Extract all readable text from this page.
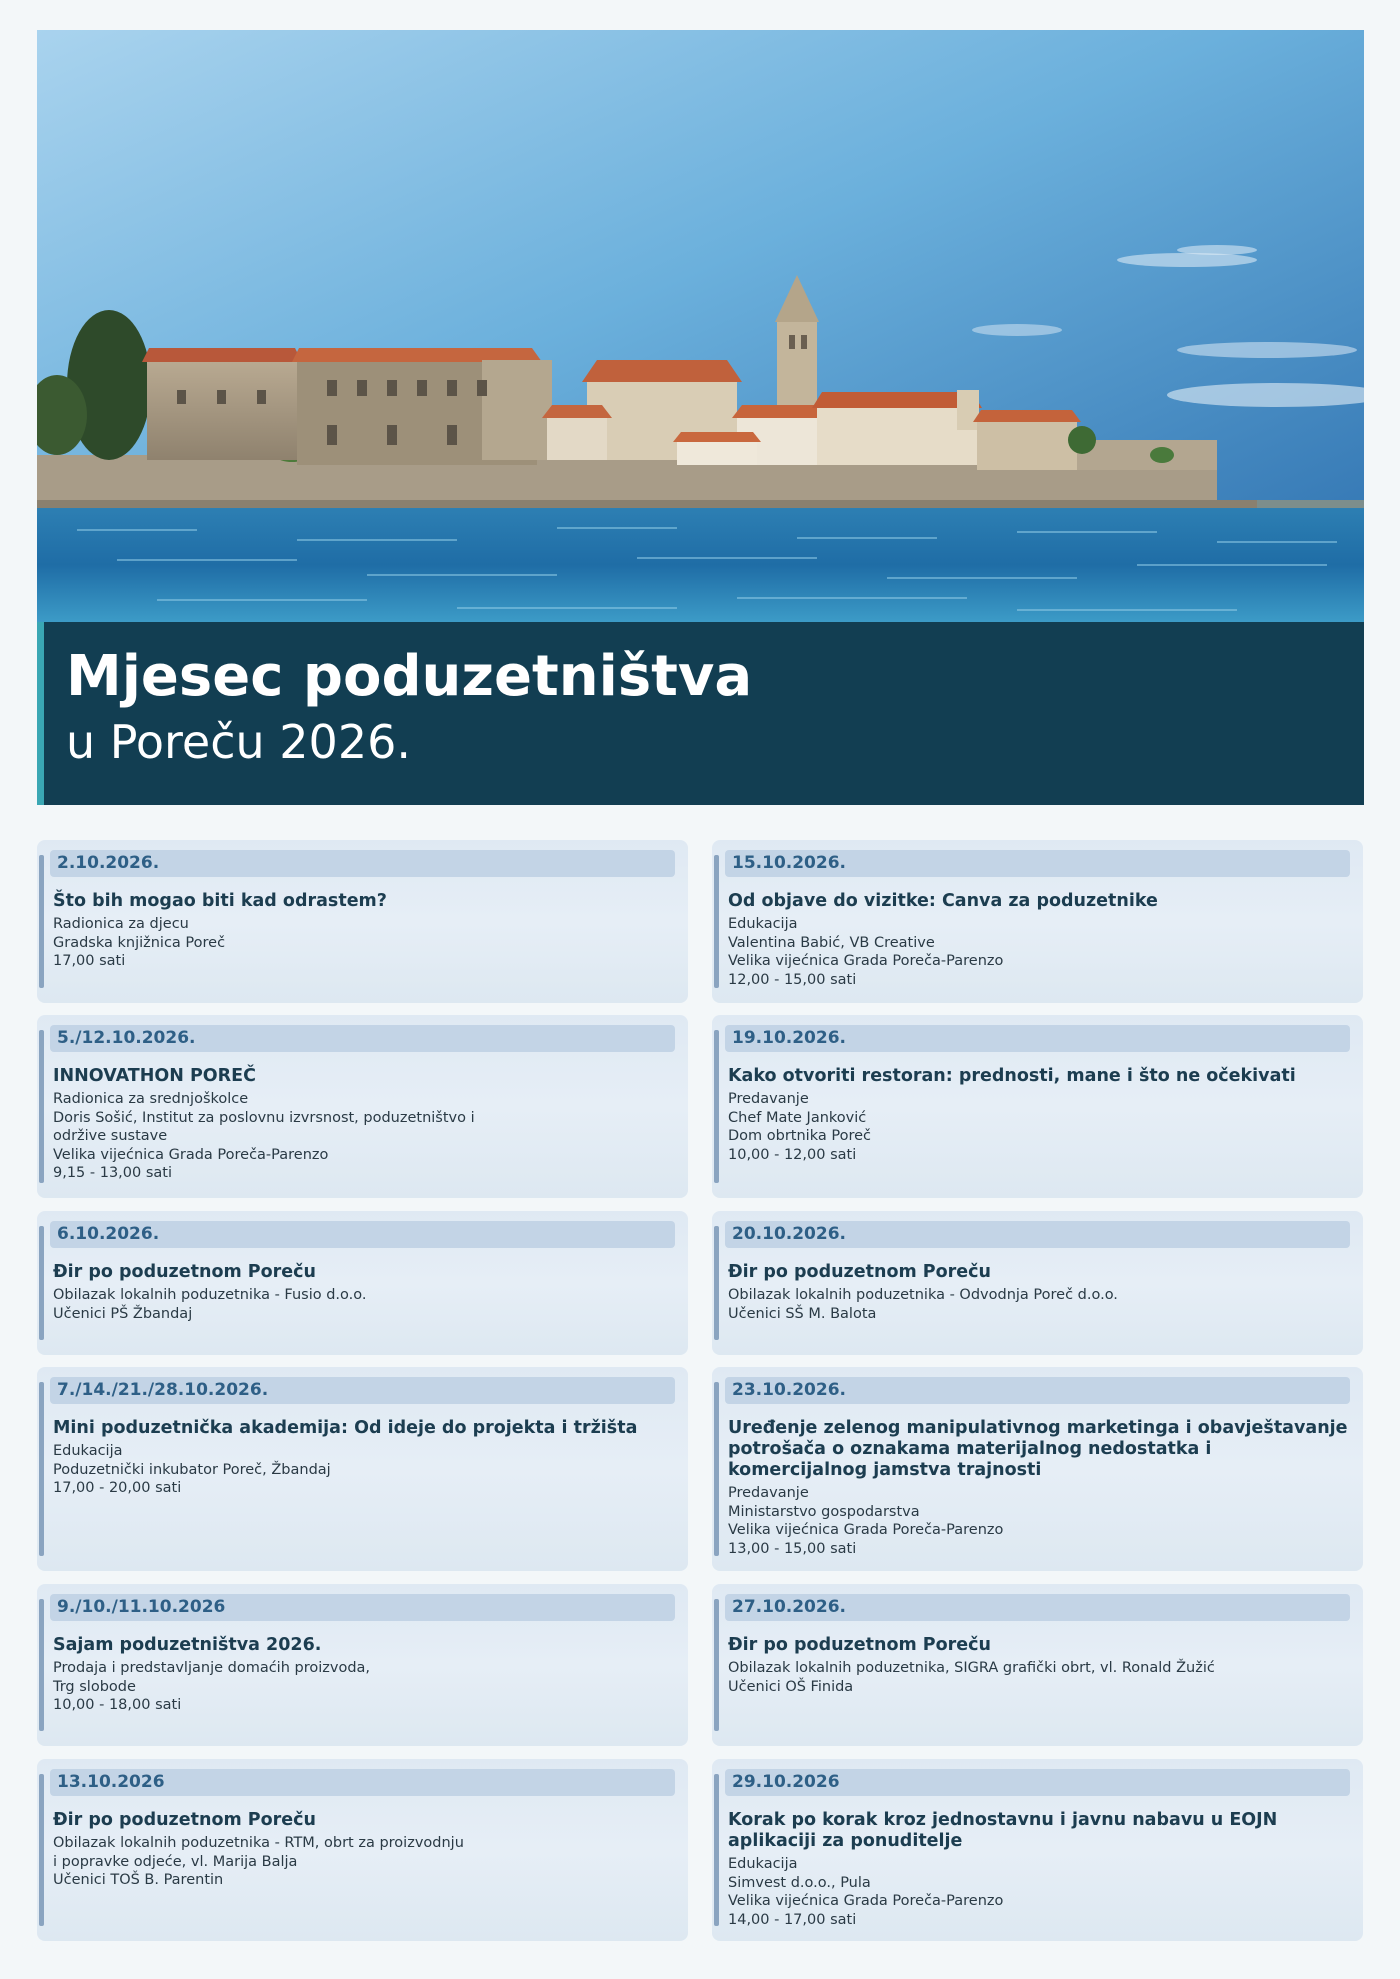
Mjesec poduzetništva
u Poreču 2026.
2.10.2026.
Što bih mogao biti kad odrastem?
Radionica za djecu
Gradska knjižnica Poreč
17,00 sati
15.10.2026.
Od objave do vizitke: Canva za poduzetnike
Edukacija
Valentina Babić, VB Creative
Velika vijećnica Grada Poreča-Parenzo
12,00 - 15,00 sati
5./12.10.2026.
INNOVATHON POREČ
Radionica za srednjoškolce
Doris Sošić, Institut za poslovnu izvrsnost, poduzetništvo i
održive sustave
Velika vijećnica Grada Poreča-Parenzo
9,15 - 13,00 sati
19.10.2026.
Kako otvoriti restoran: prednosti, mane i što ne očekivati
Predavanje
Chef Mate Janković
Dom obrtnika Poreč
10,00 - 12,00 sati
6.10.2026.
Đir po poduzetnom Poreču
Obilazak lokalnih poduzetnika - Fusio d.o.o.
Učenici PŠ Žbandaj
20.10.2026.
Đir po poduzetnom Poreču
Obilazak lokalnih poduzetnika - Odvodnja Poreč d.o.o.
Učenici SŠ M. Balota
7./14./21./28.10.2026.
Mini poduzetnička akademija: Od ideje do projekta i tržišta
Edukacija
Poduzetnički inkubator Poreč, Žbandaj
17,00 - 20,00 sati
23.10.2026.
Uređenje zelenog manipulativnog marketinga i obavještavanje potrošača o oznakama materijalnog nedostatka i komercijalnog jamstva trajnosti
Predavanje
Ministarstvo gospodarstva
Velika vijećnica Grada Poreča-Parenzo
13,00 - 15,00 sati
9./10./11.10.2026
Sajam poduzetništva 2026.
Prodaja i predstavljanje domaćih proizvoda,
Trg slobode
10,00 - 18,00 sati
27.10.2026.
Đir po poduzetnom Poreču
Obilazak lokalnih poduzetnika, SIGRA grafički obrt, vl. Ronald Žužić
Učenici OŠ Finida
13.10.2026
Đir po poduzetnom Poreču
Obilazak lokalnih poduzetnika - RTM, obrt za proizvodnju
i popravke odjeće, vl. Marija Balja
Učenici TOŠ B. Parentin
29.10.2026
Korak po korak kroz jednostavnu i javnu nabavu u EOJN aplikaciji za ponuditelje
Edukacija
Simvest d.o.o., Pula
Velika vijećnica Grada Poreča-Parenzo
14,00 - 17,00 sati
